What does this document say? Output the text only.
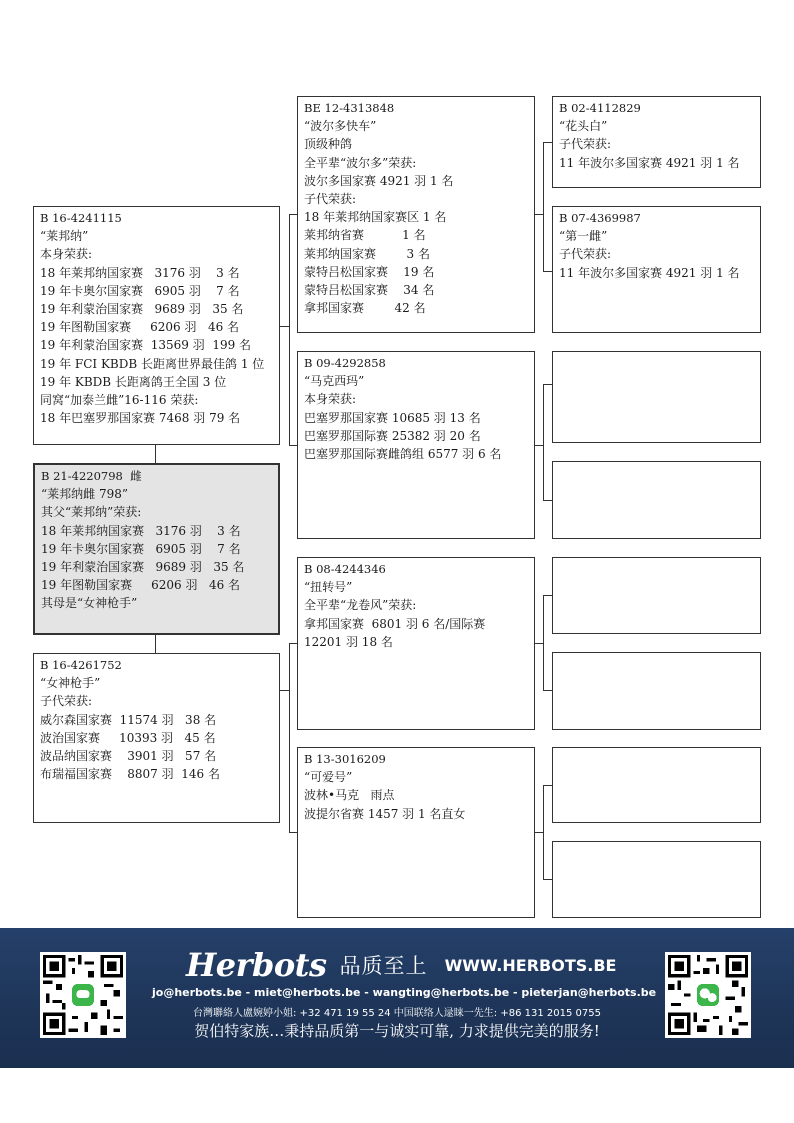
B 16-4241115
“莱邦纳”
本身荣获:
18 年莱邦纳国家赛   3176 羽    3 名
19 年卡奥尔国家赛   6905 羽    7 名
19 年利蒙治国家赛   9689 羽   35 名
19 年图勒国家赛     6206 羽   46 名
19 年利蒙治国家赛  13569 羽  199 名
19 年 FCI KBDB 长距离世界最佳鸽 1 位
19 年 KBDB 长距离鸽王全国 3 位
同窝“加泰兰雌”16-116 荣获:
18 年巴塞罗那国家赛 7468 羽 79 名
B 21-4220798  雌
“莱邦纳雌 798”
其父“莱邦纳”荣获:
18 年莱邦纳国家赛   3176 羽    3 名
19 年卡奥尔国家赛   6905 羽    7 名
19 年利蒙治国家赛   9689 羽   35 名
19 年图勒国家赛     6206 羽   46 名
其母是“女神枪手”
B 16-4261752
“女神枪手”
子代荣获:
威尔森国家赛  11574 羽   38 名
波治国家赛     10393 羽   45 名
波品纳国家赛    3901 羽   57 名
布瑞福国家赛    8807 羽  146 名
BE 12-4313848
“波尔多快车”
顶级种鸽
全平辈“波尔多”荣获:
波尔多国家赛 4921 羽 1 名
子代荣获:
18 年莱邦纳国家赛区 1 名
莱邦纳省赛          1 名
莱邦纳国家赛        3 名
蒙特吕松国家赛    19 名
蒙特吕松国家赛    34 名
拿邦国家赛        42 名
B 09-4292858
“马克西玛”
本身荣获:
巴塞罗那国家赛 10685 羽 13 名
巴塞罗那国际赛 25382 羽 20 名
巴塞罗那国际赛雌鸽组 6577 羽 6 名
B 08-4244346
“扭转号”
全平辈“龙卷风”荣获:
拿邦国家赛  6801 羽 6 名/国际赛
12201 羽 18 名
B 13-3016209
“可爱号”
波林•马克   雨点
波提尔省赛 1457 羽 1 名直女
B 02-4112829
“花头白”
子代荣获:
11 年波尔多国家赛 4921 羽 1 名
B 07-4369987
“第一雌”
子代荣获:
11 年波尔多国家赛 4921 羽 1 名
Herbots 品质至上 WWW.HERBOTS.BE
jo@herbots.be - miet@herbots.be - wangting@herbots.be - pieterjan@herbots.be
台灣聯絡人盧婉婷小姐: +32 471 19 55 24 中国联络人逯睐一先生: +86 131 2015 0755
贺伯特家族…秉持品质第一与诚实可靠, 力求提供完美的服务!
